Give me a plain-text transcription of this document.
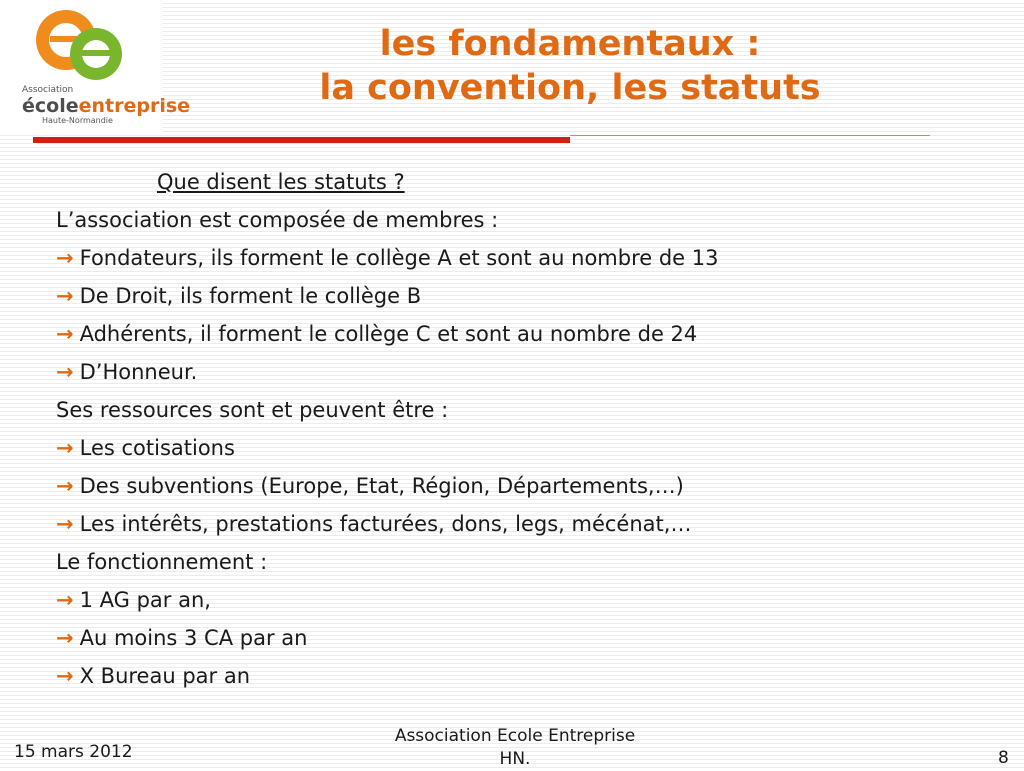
Association
écoleentreprise
Haute-Normandie
les fondamentaux :
la convention, les statuts
Que disent les statuts ?
L’association est composée de membres :
→ Fondateurs, ils forment le collège A et sont au nombre de 13
→ De Droit, ils forment le collège B
→ Adhérents, il forment le collège C et sont au nombre de 24
→ D’Honneur.
Ses ressources sont et peuvent être :
→ Les cotisations
→ Des subventions (Europe, Etat, Région, Départements,…)
→ Les intérêts, prestations facturées, dons, legs, mécénat,…
Le fonctionnement :
→ 1 AG par an,
→ Au moins 3 CA par an
→ X Bureau par an
15 mars 2012
Association Ecole Entreprise
HN.	8
